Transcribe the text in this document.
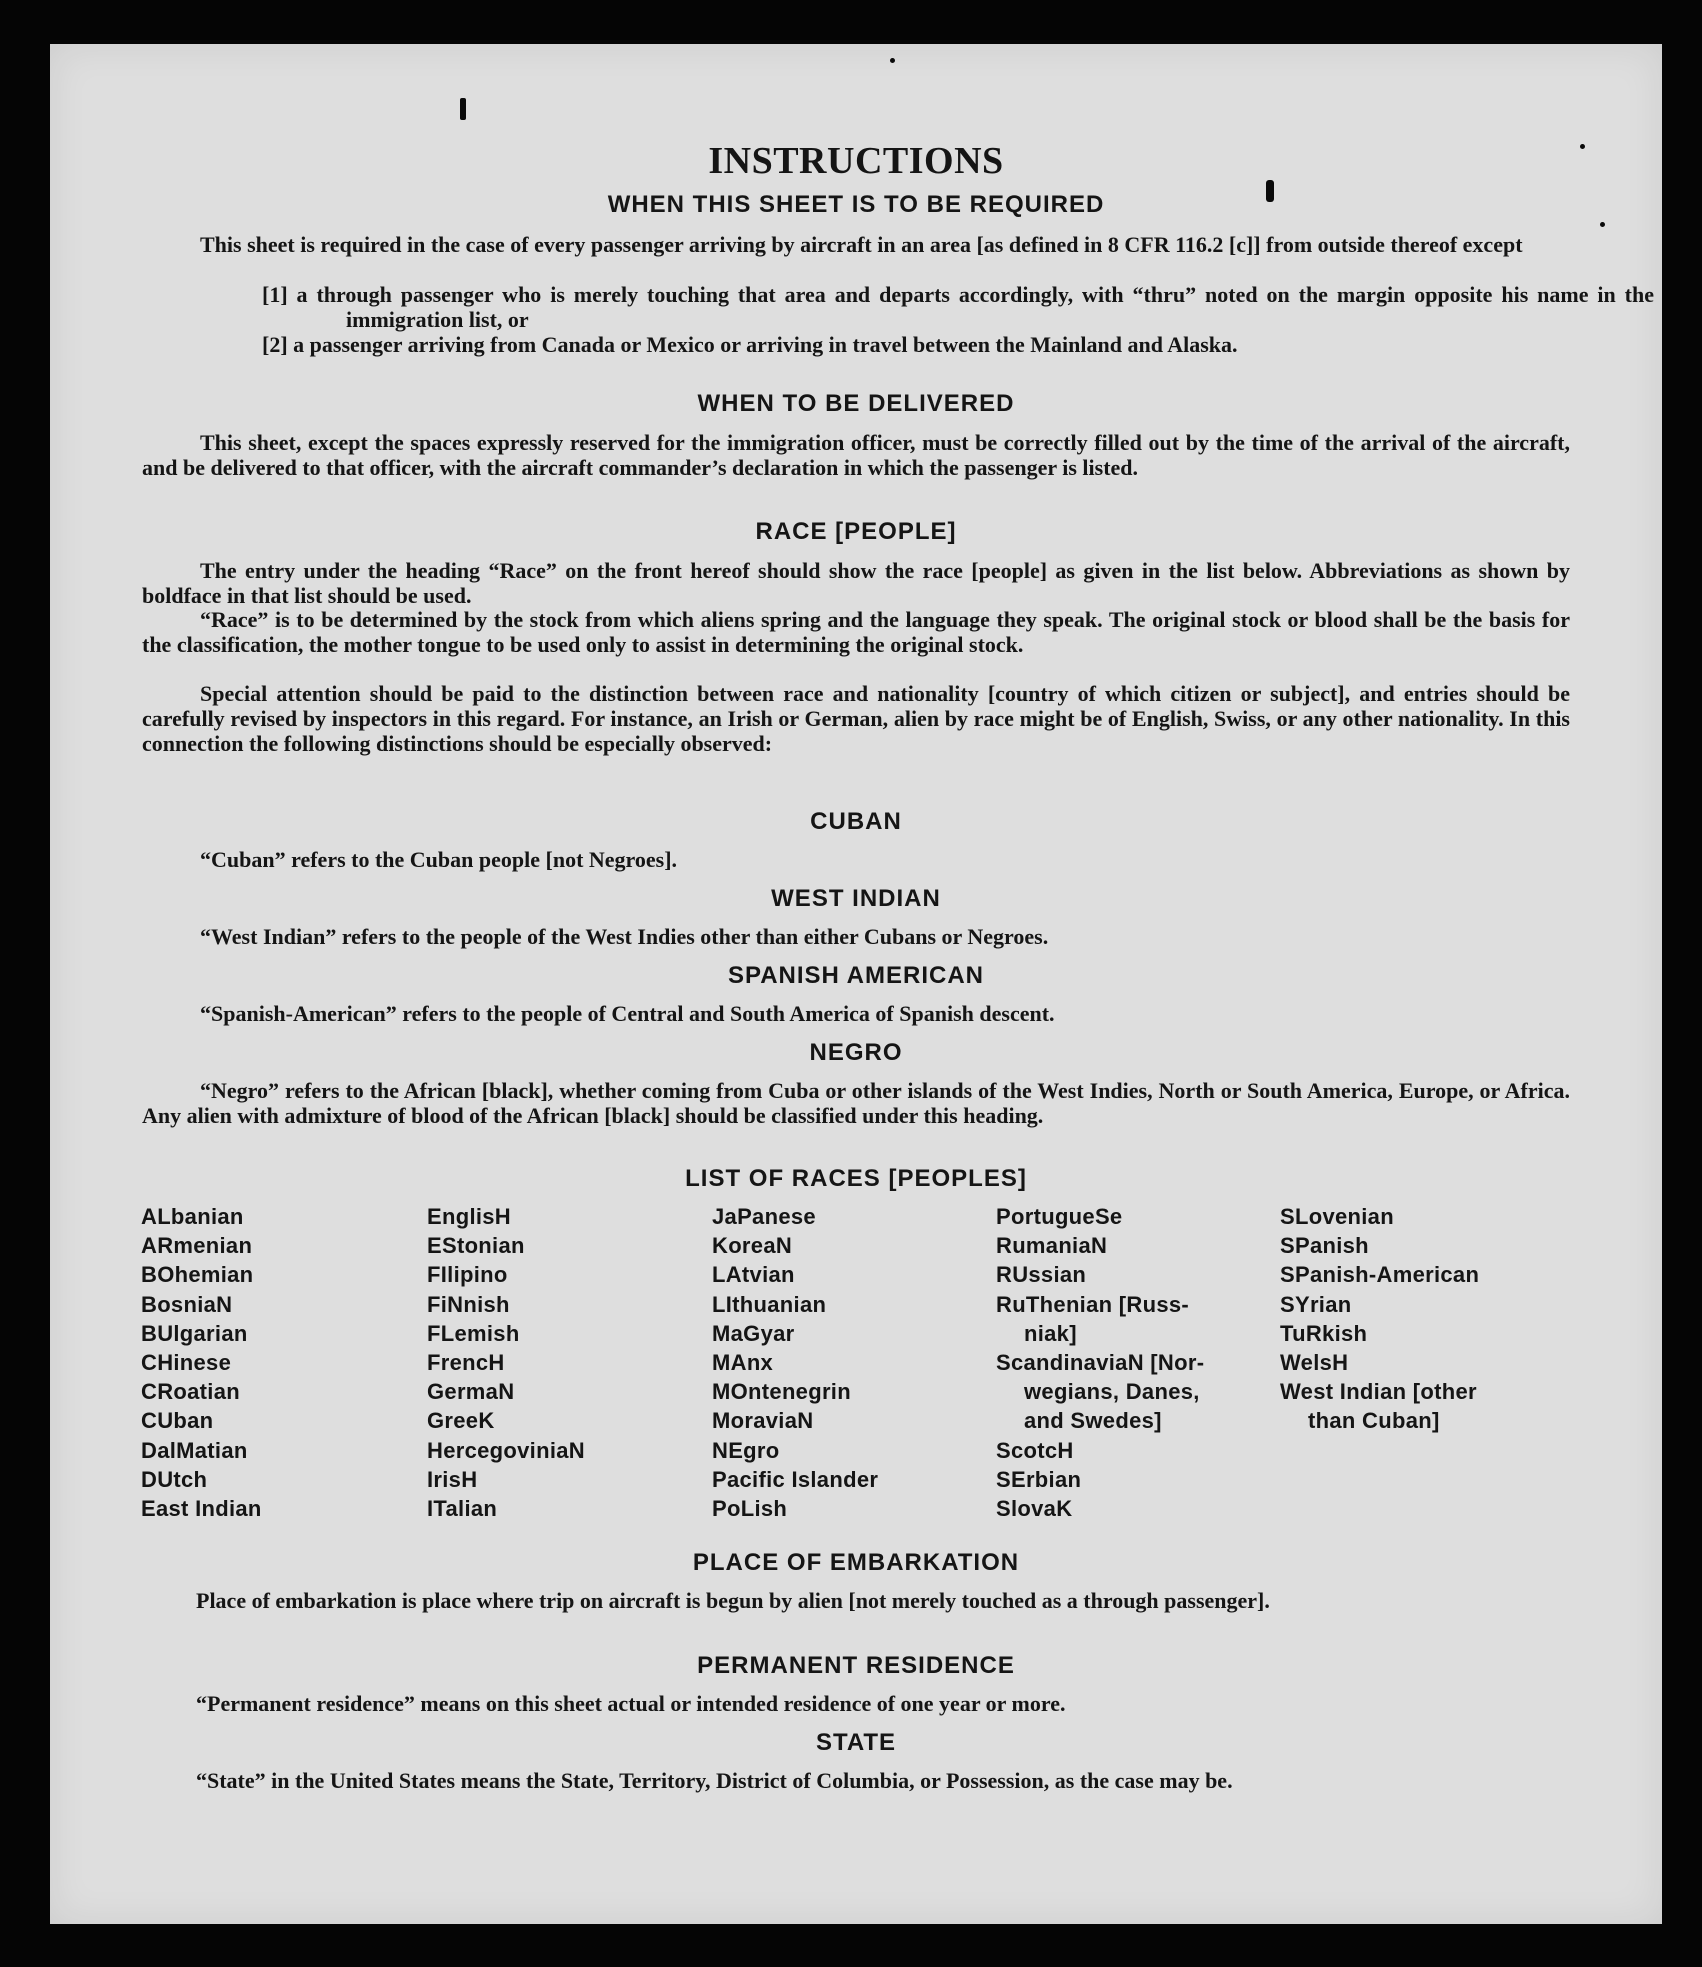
INSTRUCTIONS
WHEN THIS SHEET IS TO BE REQUIRED
This sheet is required in the case of every passenger arriving by aircraft in an area [as defined in 8 CFR 116.2 [c]] from outside thereof except
[1] a through passenger who is merely touching that area and departs accordingly, with “thru” noted on the margin opposite his name in the immigration list, or
[2] a passenger arriving from Canada or Mexico or arriving in travel between the Mainland and Alaska.
WHEN TO BE DELIVERED
This sheet, except the spaces expressly reserved for the immigration officer, must be correctly filled out by the time of the arrival of the aircraft, and be delivered to that officer, with the aircraft commander’s declaration in which the passenger is listed.
RACE [PEOPLE]
The entry under the heading “Race” on the front hereof should show the race [people] as given in the list below. Abbreviations as shown by boldface in that list should be used.
“Race” is to be determined by the stock from which aliens spring and the language they speak. The original stock or blood shall be the basis for the classification, the mother tongue to be used only to assist in determining the original stock.
Special attention should be paid to the distinction between race and nationality [country of which citizen or subject], and entries should be carefully revised by inspectors in this regard. For instance, an Irish or German, alien by race might be of English, Swiss, or any other nationality. In this connection the following distinctions should be especially observed:
CUBAN
“Cuban” refers to the Cuban people [not Negroes].
WEST INDIAN
“West Indian” refers to the people of the West Indies other than either Cubans or Negroes.
SPANISH AMERICAN
“Spanish-American” refers to the people of Central and South America of Spanish descent.
NEGRO
“Negro” refers to the African [black], whether coming from Cuba or other islands of the West Indies, North or South America, Europe, or Africa. Any alien with admixture of blood of the African [black] should be classified under this heading.
LIST OF RACES [PEOPLES]
ALbanian
ARmenian
BOhemian
BosniaN
BUlgarian
CHinese
CRoatian
CUban
DalMatian
DUtch
East Indian
EnglisH
EStonian
FIlipino
FiNnish
FLemish
FrencH
GermaN
GreeK
HercegoviniaN
IrisH
ITalian
JaPanese
KoreaN
LAtvian
LIthuanian
MaGyar
MAnx
MOntenegrin
MoraviaN
NEgro
Pacific Islander
PoLish
PortugueSe
RumaniaN
RUssian
RuThenian [Russ-
niak]
ScandinaviaN [Nor-
wegians, Danes,
and Swedes]
ScotcH
SErbian
SlovaK
SLovenian
SPanish
SPanish-American
SYrian
TuRkish
WelsH
West Indian [other
than Cuban]
PLACE OF EMBARKATION
Place of embarkation is place where trip on aircraft is begun by alien [not merely touched as a through passenger].
PERMANENT RESIDENCE
“Permanent residence” means on this sheet actual or intended residence of one year or more.
STATE
“State” in the United States means the State, Territory, District of Columbia, or Possession, as the case may be.
